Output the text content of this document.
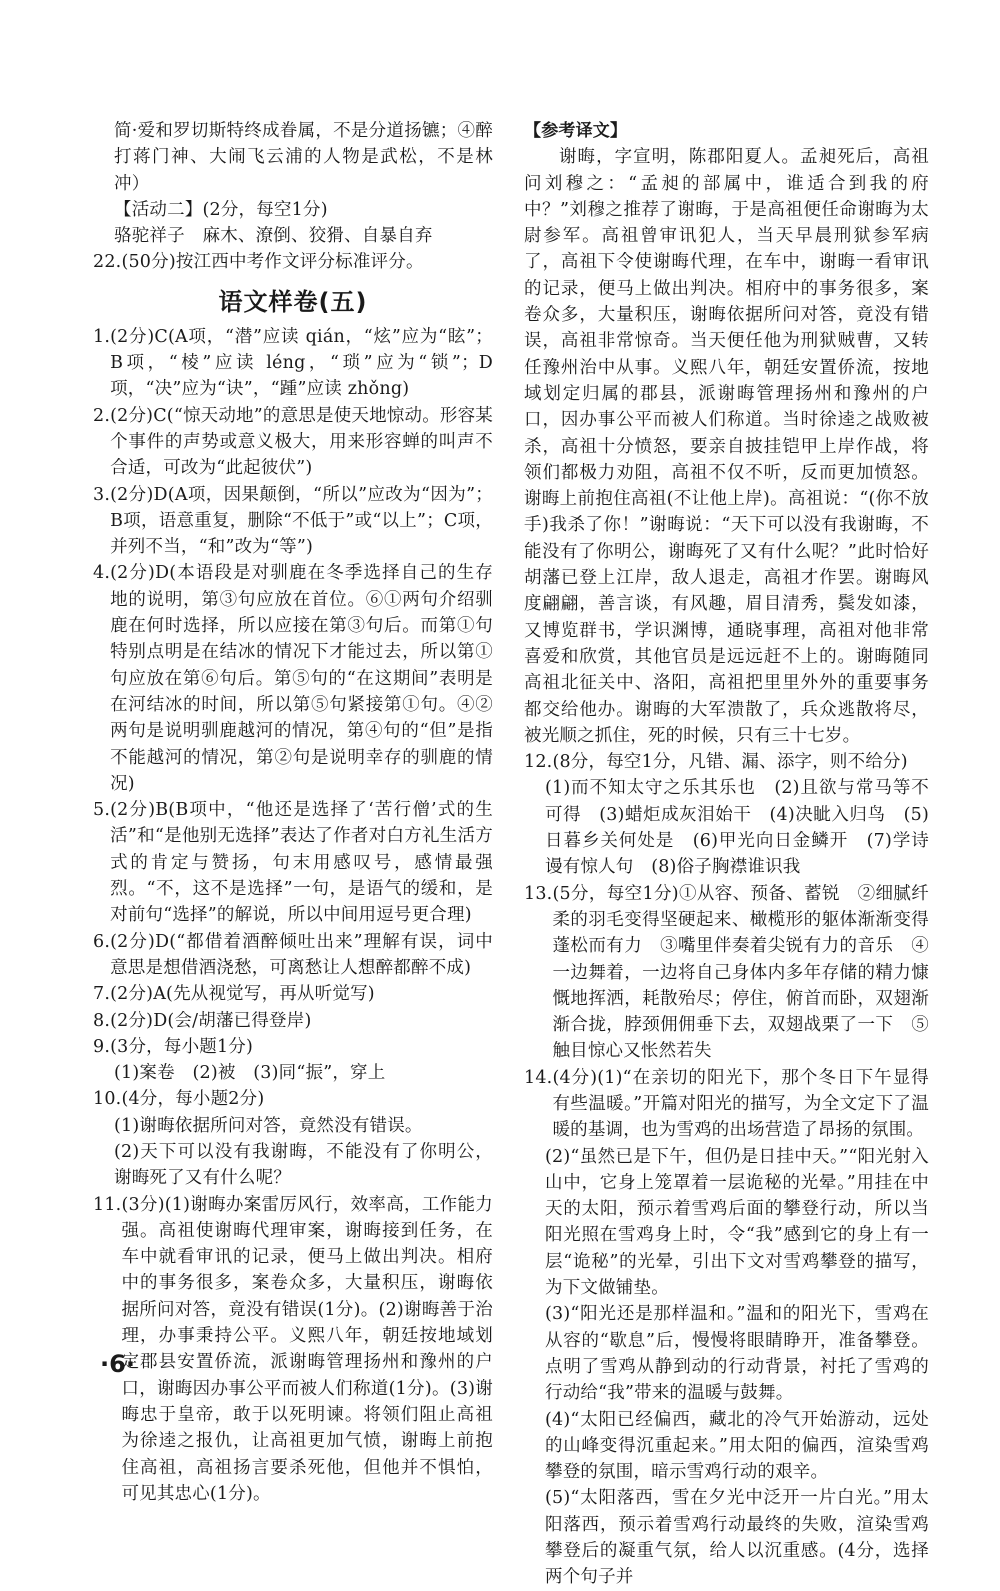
简·爱和罗切斯特终成眷属，不是分道扬镳；④醉打蒋门神、大闹飞云浦的人物是武松，不是林冲）

【活动二】(2分，每空1分)

骆驼祥子　麻木、潦倒、狡猾、自暴自弃

22. (50分)按江西中考作文评分标准评分。
语文样卷(五)
1. (2分)C(A项，“潜”应读 qián，“炫”应为“眩”；B项，“棱”应读 léng，“琐”应为“锁”；D项，“决”应为“诀”，“踵”应读 zhǒng)
2. (2分)C(“惊天动地”的意思是使天地惊动。形容某个事件的声势或意义极大，用来形容蝉的叫声不合适，可改为“此起彼伏”)
3. (2分)D(A项，因果颠倒，“所以”应改为“因为”；B项，语意重复，删除“不低于”或“以上”；C项，并列不当，“和”改为“等”)
4. (2分)D(本语段是对驯鹿在冬季选择自己的生存地的说明，第③句应放在首位。⑥①两句介绍驯鹿在何时选择，所以应接在第③句后。而第①句特别点明是在结冰的情况下才能过去，所以第①句应放在第⑥句后。第⑤句的“在这期间”表明是在河结冰的时间，所以第⑤句紧接第①句。④②两句是说明驯鹿越河的情况，第④句的“但”是指不能越河的情况，第②句是说明幸存的驯鹿的情况)
5. (2分)B(B项中，“他还是选择了‘苦行僧’式的生活”和“是他别无选择”表达了作者对白方礼生活方式的肯定与赞扬，句末用感叹号，感情最强烈。“不，这不是选择”一句，是语气的缓和，是对前句“选择”的解说，所以中间用逗号更合理)
6. (2分)D(“都借着酒醉倾吐出来”理解有误，词中意思是想借酒浇愁，可离愁让人想醉都醉不成)
7. (2分)A(先从视觉写，再从听觉写)
8. (2分)D(会/胡藩已得登岸)
9. (3分，每小题1分)

(1)案卷　(2)被　(3)同“振”，穿上

10. (4分，每小题2分)

(1)谢晦依据所问对答，竟然没有错误。

(2)天下可以没有我谢晦，不能没有了你明公，谢晦死了又有什么呢？

11. (3分)(1)谢晦办案雷厉风行，效率高，工作能力强。高祖使谢晦代理审案，谢晦接到任务，在车中就看审讯的记录，便马上做出判决。相府中的事务很多，案卷众多，大量积压，谢晦依据所问对答，竟没有错误(1分)。(2)谢晦善于治理，办事秉持公平。义熙八年，朝廷按地域划定郡县安置侨流，派谢晦管理扬州和豫州的户口，谢晦因办事公平而被人们称道(1分)。(3)谢晦忠于皇帝，敢于以死明谏。将领们阻止高祖为徐逵之报仇，让高祖更加气愤，谢晦上前抱住高祖，高祖扬言要杀死他，但他并不惧怕，可见其忠心(1分)。

【参考译文】

谢晦，字宣明，陈郡阳夏人。孟昶死后，高祖问刘穆之：“孟昶的部属中，谁适合到我的府中？”刘穆之推荐了谢晦，于是高祖便任命谢晦为太尉参军。高祖曾审讯犯人，当天早晨刑狱参军病了，高祖下令使谢晦代理，在车中，谢晦一看审讯的记录，便马上做出判决。相府中的事务很多，案卷众多，大量积压，谢晦依据所问对答，竟没有错误，高祖非常惊奇。当天便任他为刑狱贼曹，又转任豫州治中从事。义熙八年，朝廷安置侨流，按地域划定归属的郡县，派谢晦管理扬州和豫州的户口，因办事公平而被人们称道。当时徐逵之战败被杀，高祖十分愤怒，要亲自披挂铠甲上岸作战，将领们都极力劝阻，高祖不仅不听，反而更加愤怒。谢晦上前抱住高祖(不让他上岸)。高祖说：“(你不放手)我杀了你！”谢晦说：“天下可以没有我谢晦，不能没有了你明公，谢晦死了又有什么呢？”此时恰好胡藩已登上江岸，敌人退走，高祖才作罢。谢晦风度翩翩，善言谈，有风趣，眉目清秀，鬓发如漆，又博览群书，学识渊博，通晓事理，高祖对他非常喜爱和欣赏，其他官员是远远赶不上的。谢晦随同高祖北征关中、洛阳，高祖把里里外外的重要事务都交给他办。谢晦的大军溃散了，兵众逃散将尽，被光顺之抓住，死的时候，只有三十七岁。

12. (8分，每空1分，凡错、漏、添字，则不给分)

(1)而不知太守之乐其乐也　(2)且欲与常马等不可得　(3)蜡炬成灰泪始干　(4)决眦入归鸟　(5)日暮乡关何处是　(6)甲光向日金鳞开　(7)学诗谩有惊人句　(8)俗子胸襟谁识我

13. (5分，每空1分)①从容、预备、蓄锐　②细腻纤柔的羽毛变得坚硬起来、橄榄形的躯体渐渐变得蓬松而有力　③嘴里伴奏着尖锐有力的音乐　④一边舞着，一边将自己身体内多年存储的精力慷慨地挥洒，耗散殆尽；停住，俯首而卧，双翅渐渐合拢，脖颈佣佣垂下去，双翅战栗了一下　⑤触目惊心又怅然若失
14. (4分)(1)“在亲切的阳光下，那个冬日下午显得有些温暖。”开篇对阳光的描写，为全文定下了温暖的基调，也为雪鸡的出场营造了昂扬的氛围。

(2)“虽然已是下午，但仍是日挂中天。”“阳光射入山中，它身上笼罩着一层诡秘的光晕。”用挂在中天的太阳，预示着雪鸡后面的攀登行动，所以当阳光照在雪鸡身上时，令“我”感到它的身上有一层“诡秘”的光晕，引出下文对雪鸡攀登的描写，为下文做铺垫。

(3)“阳光还是那样温和。”温和的阳光下，雪鸡在从容的“歇息”后，慢慢将眼睛睁开，准备攀登。点明了雪鸡从静到动的行动背景，衬托了雪鸡的行动给“我”带来的温暖与鼓舞。

(4)“太阳已经偏西，藏北的冷气开始游动，远处的山峰变得沉重起来。”用太阳的偏西，渲染雪鸡攀登的氛围，暗示雪鸡行动的艰辛。

(5)“太阳落西，雪在夕光中泛开一片白光。”用太阳落西，预示着雪鸡行动最终的失败，渲染雪鸡攀登后的凝重气氛，给人以沉重感。(4分，选择两个句子并

·6·
